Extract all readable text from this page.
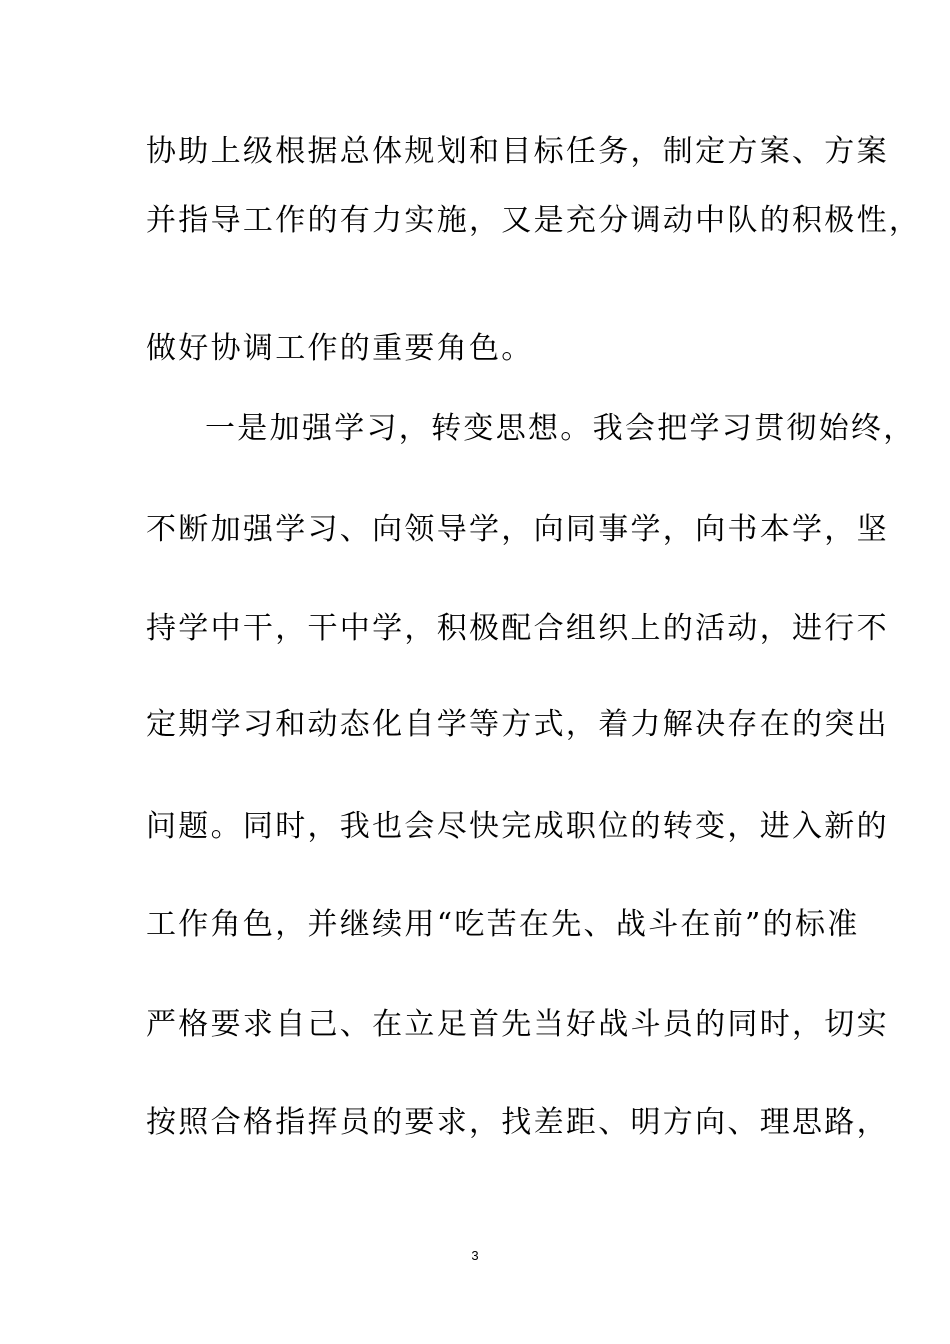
协助上级根据总体规划和目标任务，制定方案、方案
并指导工作的有力实施，又是充分调动中队的积极性，
做好协调工作的重要角色。
一是加强学习，转变思想。我会把学习贯彻始终，
不断加强学习、向领导学，向同事学，向书本学，坚
持学中干，干中学，积极配合组织上的活动，进行不
定期学习和动态化自学等方式，着力解决存在的突出
问题。同时，我也会尽快完成职位的转变，进入新的
工作角色，并继续用“吃苦在先、战斗在前”的标准
严格要求自己、在立足首先当好战斗员的同时，切实
按照合格指挥员的要求，找差距、明方向、理思路，
3
